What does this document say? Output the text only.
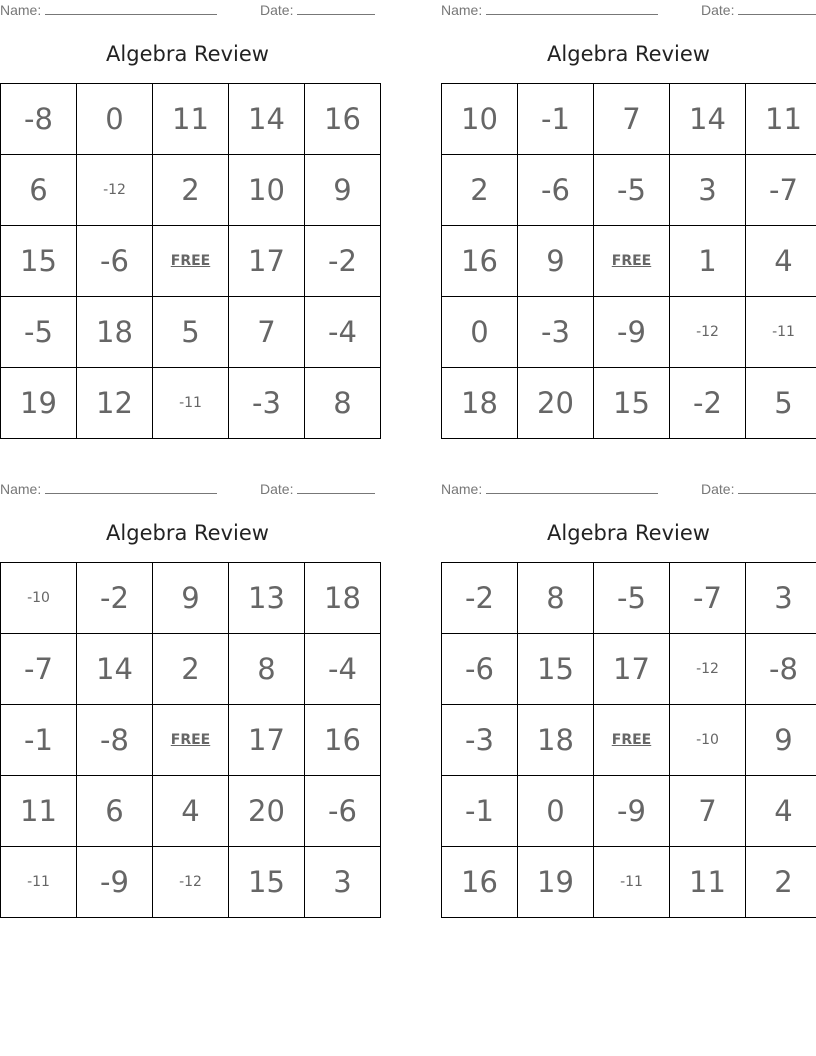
Name:	Date:
Algebra Review
-8	0	11	14	16
6	-12	2	10	9
15	-6	FREE	17	-2
-5	18	5	7	-4
19	12	-11	-3	8
Name:	Date:
Algebra Review
10	-1	7	14	11
2	-6	-5	3	-7
16	9	FREE	1	4
0	-3	-9	-12	-11
18	20	15	-2	5
Name:	Date:
Algebra Review
-10	-2	9	13	18
-7	14	2	8	-4
-1	-8	FREE	17	16
11	6	4	20	-6
-11	-9	-12	15	3
Name:	Date:
Algebra Review
-2	8	-5	-7	3
-6	15	17	-12	-8
-3	18	FREE	-10	9
-1	0	-9	7	4
16	19	-11	11	2
